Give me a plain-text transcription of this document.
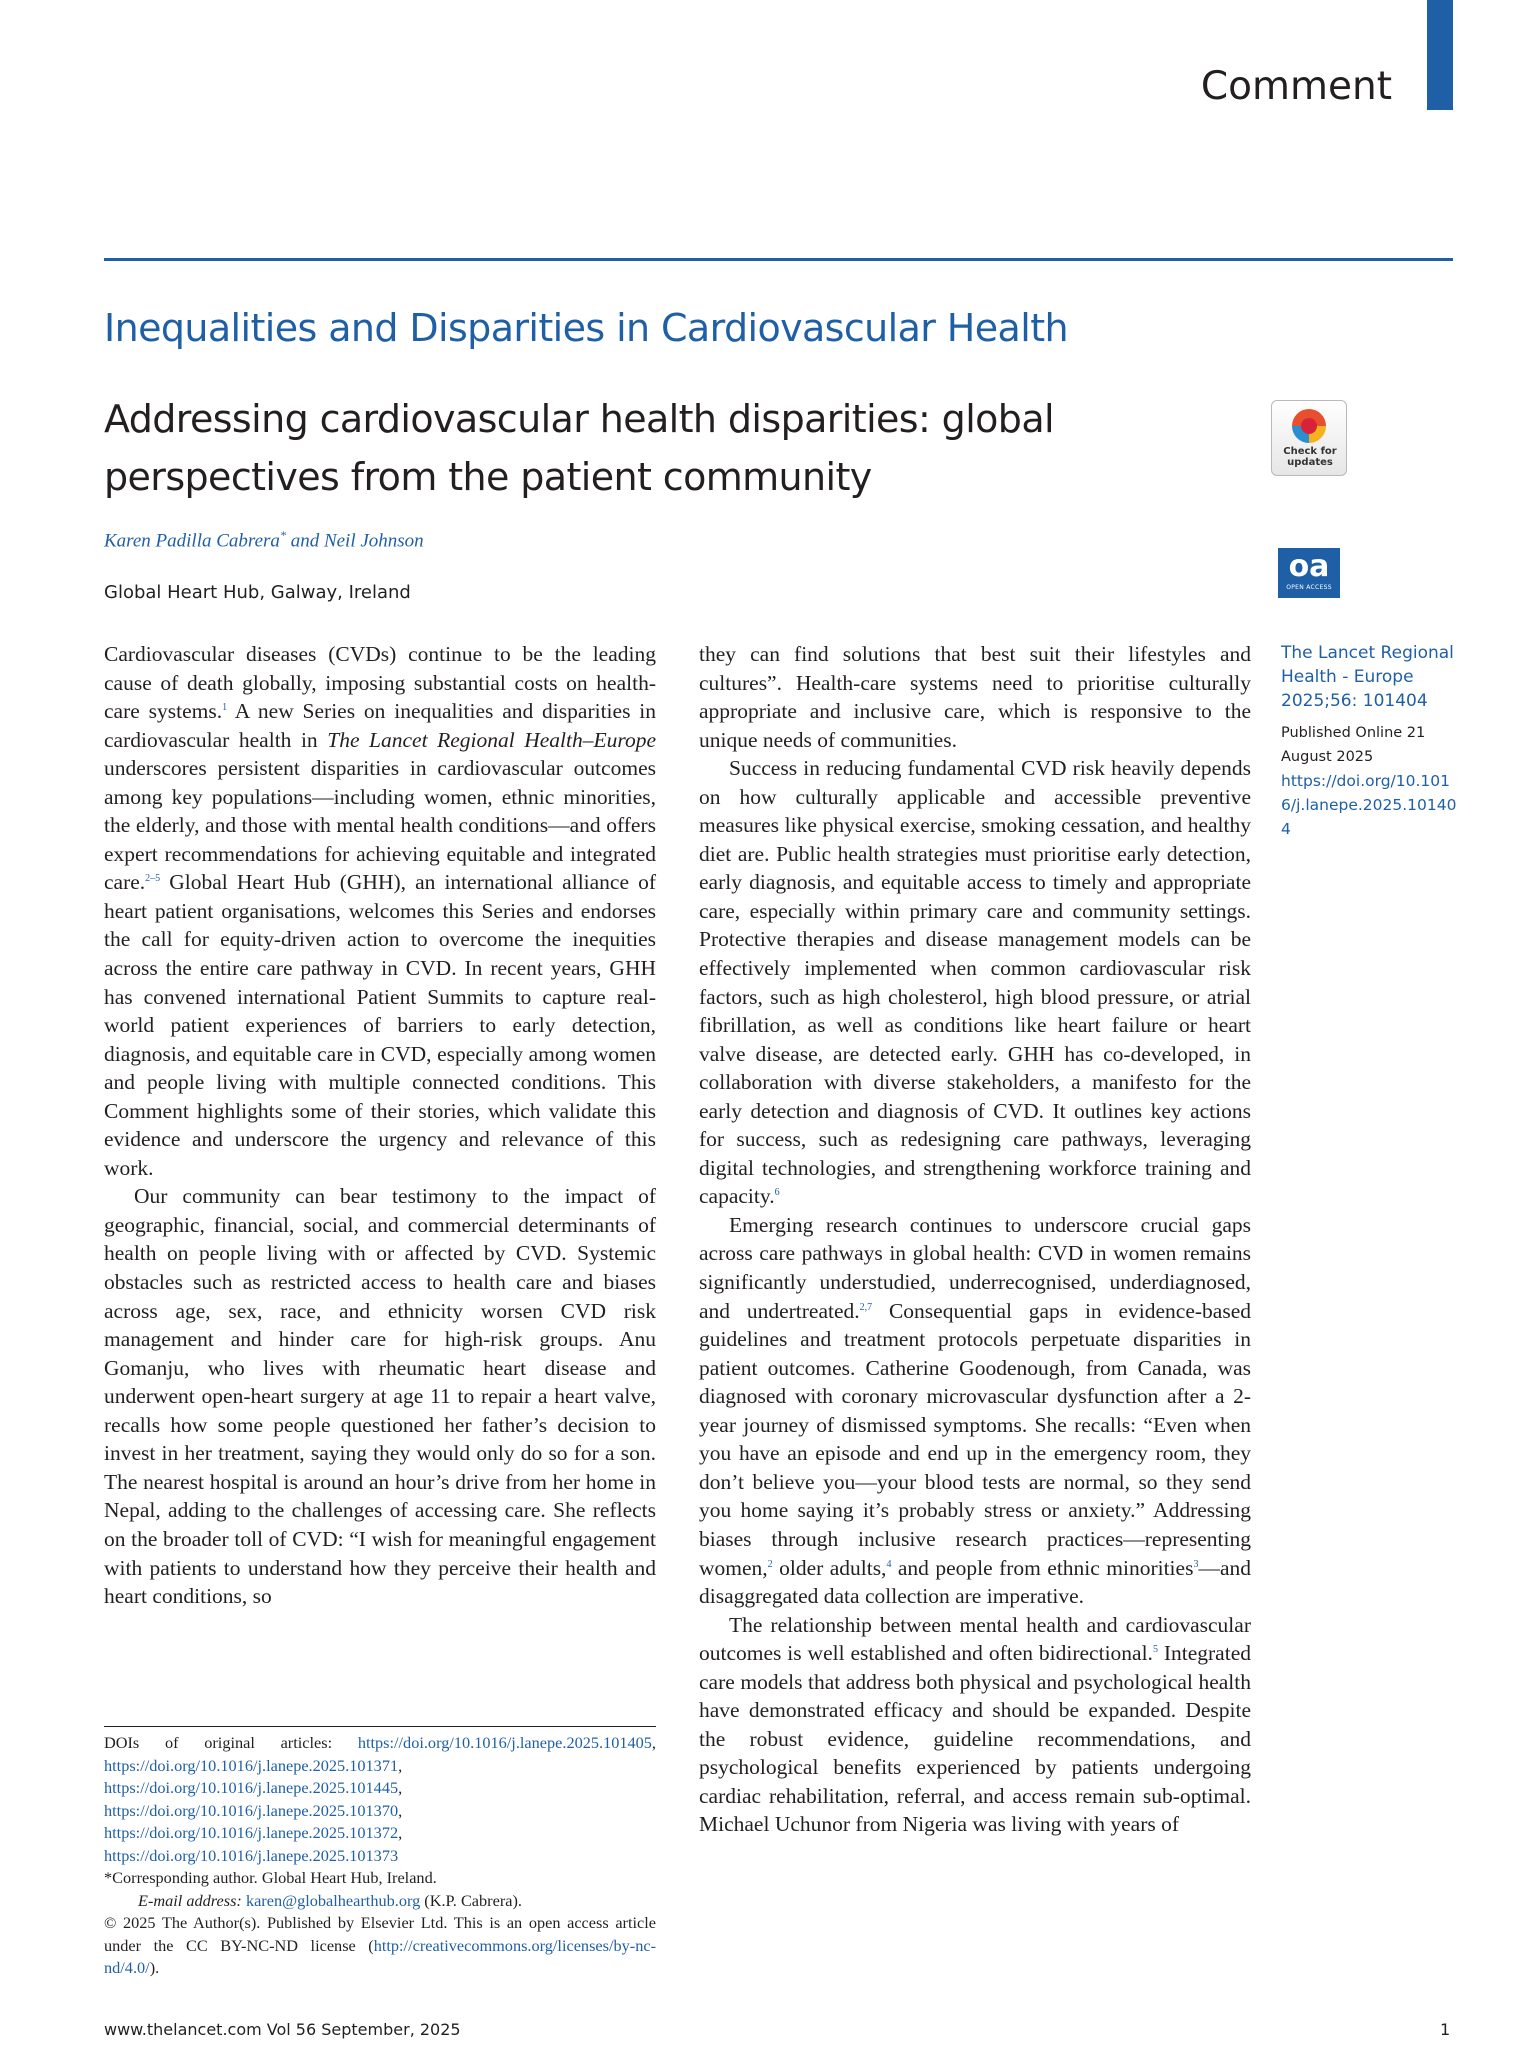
Comment
Inequalities and Disparities in Cardiovascular Health
Addressing cardiovascular health disparities: global perspectives from the patient community
Karen Padilla Cabrera* and Neil Johnson
Global Heart Hub, Galway, Ireland
Check for updates
oa
OPEN ACCESS

Cardiovascular diseases (CVDs) continue to be the leading cause of death globally, imposing substantial costs on health-care systems.$^1$ A new Series on inequalities and disparities in cardiovascular health in The Lancet Regional Health–Europe underscores persistent disparities in cardiovascular outcomes among key populations—including women, ethnic minorities, the elderly, and those with mental health conditions—and offers expert recommendations for achieving equitable and integrated care.$^{2-5}$ Global Heart Hub (GHH), an international alliance of heart patient organisations, welcomes this Series and endorses the call for equity-driven action to overcome the inequities across the entire care pathway in CVD. In recent years, GHH has convened international Patient Summits to capture real-world patient experiences of barriers to early detection, diagnosis, and equitable care in CVD, especially among women and people living with multiple connected conditions. This Comment highlights some of their stories, which validate this evidence and underscore the urgency and relevance of this work.

Our community can bear testimony to the impact of geographic, financial, social, and commercial determinants of health on people living with or affected by CVD. Systemic obstacles such as restricted access to health care and biases across age, sex, race, and ethnicity worsen CVD risk management and hinder care for high-risk groups. Anu Gomanju, who lives with rheumatic heart disease and underwent open-heart surgery at age 11 to repair a heart valve, recalls how some people questioned her father’s decision to invest in her treatment, saying they would only do so for a son. The nearest hospital is around an hour’s drive from her home in Nepal, adding to the challenges of accessing care. She reflects on the broader toll of CVD: “I wish for meaningful engagement with patients to understand how they perceive their health and heart conditions, so

they can find solutions that best suit their lifestyles and cultures”. Health-care systems need to prioritise culturally appropriate and inclusive care, which is responsive to the unique needs of communities.

Success in reducing fundamental CVD risk heavily depends on how culturally applicable and accessible preventive measures like physical exercise, smoking cessation, and healthy diet are. Public health strategies must prioritise early detection, early diagnosis, and equitable access to timely and appropriate care, especially within primary care and community settings. Protective therapies and disease management models can be effectively implemented when common cardiovascular risk factors, such as high cholesterol, high blood pressure, or atrial fibrillation, as well as conditions like heart failure or heart valve disease, are detected early. GHH has co-developed, in collaboration with diverse stakeholders, a manifesto for the early detection and diagnosis of CVD. It outlines key actions for success, such as redesigning care pathways, leveraging digital technologies, and strengthening workforce training and capacity.$^6$

Emerging research continues to underscore crucial gaps across care pathways in global health: CVD in women remains significantly understudied, underrecognised, underdiagnosed, and undertreated.$^{2,7}$ Consequential gaps in evidence-based guidelines and treatment protocols perpetuate disparities in patient outcomes. Catherine Goodenough, from Canada, was diagnosed with coronary microvascular dysfunction after a 2-year journey of dismissed symptoms. She recalls: “Even when you have an episode and end up in the emergency room, they don’t believe you—your blood tests are normal, so they send you home saying it’s probably stress or anxiety.” Addressing biases through inclusive research practices—representing women,$^2$ older adults,$^4$ and people from ethnic minorities$^3$—and disaggregated data collection are imperative.

The relationship between mental health and cardiovascular outcomes is well established and often bidirectional.$^5$ Integrated care models that address both physical and psychological health have demonstrated efficacy and should be expanded. Despite the robust evidence, guideline recommendations, and psychological benefits experienced by patients undergoing cardiac rehabilitation, referral, and access remain sub-optimal. Michael Uchunor from Nigeria was living with years of

The Lancet Regional Health - Europe 2025;56: 101404
Published Online 21 August 2025
https://doi.org/10.1016/j.lanepe.2025.101404

DOIs of original articles: https://doi.org/10.1016/j.lanepe.2025.101405, https://doi.org/10.1016/j.lanepe.2025.101371, https://doi.org/10.1016/j.lanepe.2025.101445, https://doi.org/10.1016/j.lanepe.2025.101370, https://doi.org/10.1016/j.lanepe.2025.101372, https://doi.org/10.1016/j.lanepe.2025.101373

*Corresponding author. Global Heart Hub, Ireland.

E-mail address: karen@globalhearthub.org (K.P. Cabrera).

© 2025 The Author(s). Published by Elsevier Ltd. This is an open access article under the CC BY-NC-ND license (http://creativecommons.org/licenses/by-nc-nd/4.0/).

www.thelancet.com Vol 56 September, 2025	1
